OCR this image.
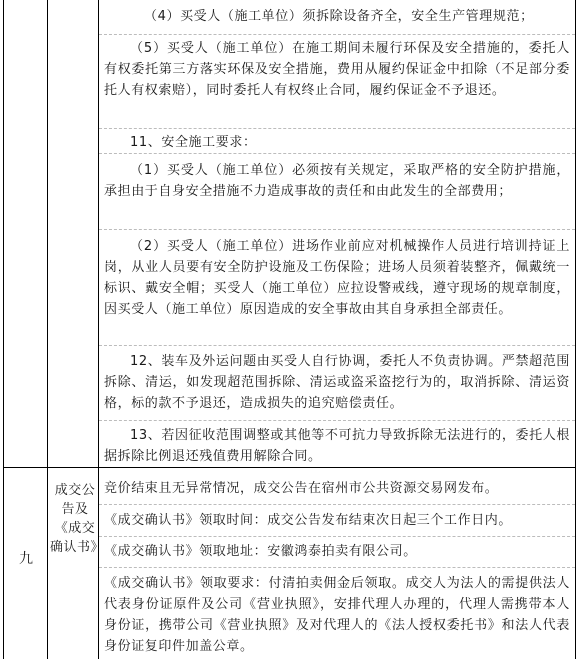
（4）买受人（施工单位）须拆除设备齐全，安全生产管理规范；

（5）买受人（施工单位）在施工期间未履行环保及安全措施的，委托人有权委托第三方落实环保及安全措施，费用从履约保证金中扣除（不足部分委托人有权索赔），同时委托人有权终止合同，履约保证金不予退还。

11、安全施工要求：

（1）买受人（施工单位）必须按有关规定，采取严格的安全防护措施，承担由于自身安全措施不力造成事故的责任和由此发生的全部费用；

（2）买受人（施工单位）进场作业前应对机械操作人员进行培训持证上岗，从业人员要有安全防护设施及工伤保险；进场人员须着装整齐，佩戴统一标识、戴安全帽；买受人（施工单位）应拉设警戒线，遵守现场的规章制度，因买受人（施工单位）原因造成的安全事故由其自身承担全部责任。

12、装车及外运问题由买受人自行协调，委托人不负责协调。严禁超范围拆除、清运，如发现超范围拆除、清运或盗采盗挖行为的，取消拆除、清运资格，标的款不予退还，造成损失的追究赔偿责任。

13、若因征收范围调整或其他等不可抗力导致拆除无法进行的，委托人根据拆除比例退还残值费用解除合同。

九
成交公告及《成交确认书》

竞价结束且无异常情况，成交公告在宿州市公共资源交易网发布。

《成交确认书》领取时间：成交公告发布结束次日起三个工作日内。

《成交确认书》领取地址：安徽鸿泰拍卖有限公司。

《成交确认书》领取要求：付清拍卖佣金后领取。成交人为法人的需提供法人代表身份证原件及公司《营业执照》，安排代理人办理的，代理人需携带本人身份证，携带公司《营业执照》及对代理人的《法人授权委托书》和法人代表身份证复印件加盖公章。
